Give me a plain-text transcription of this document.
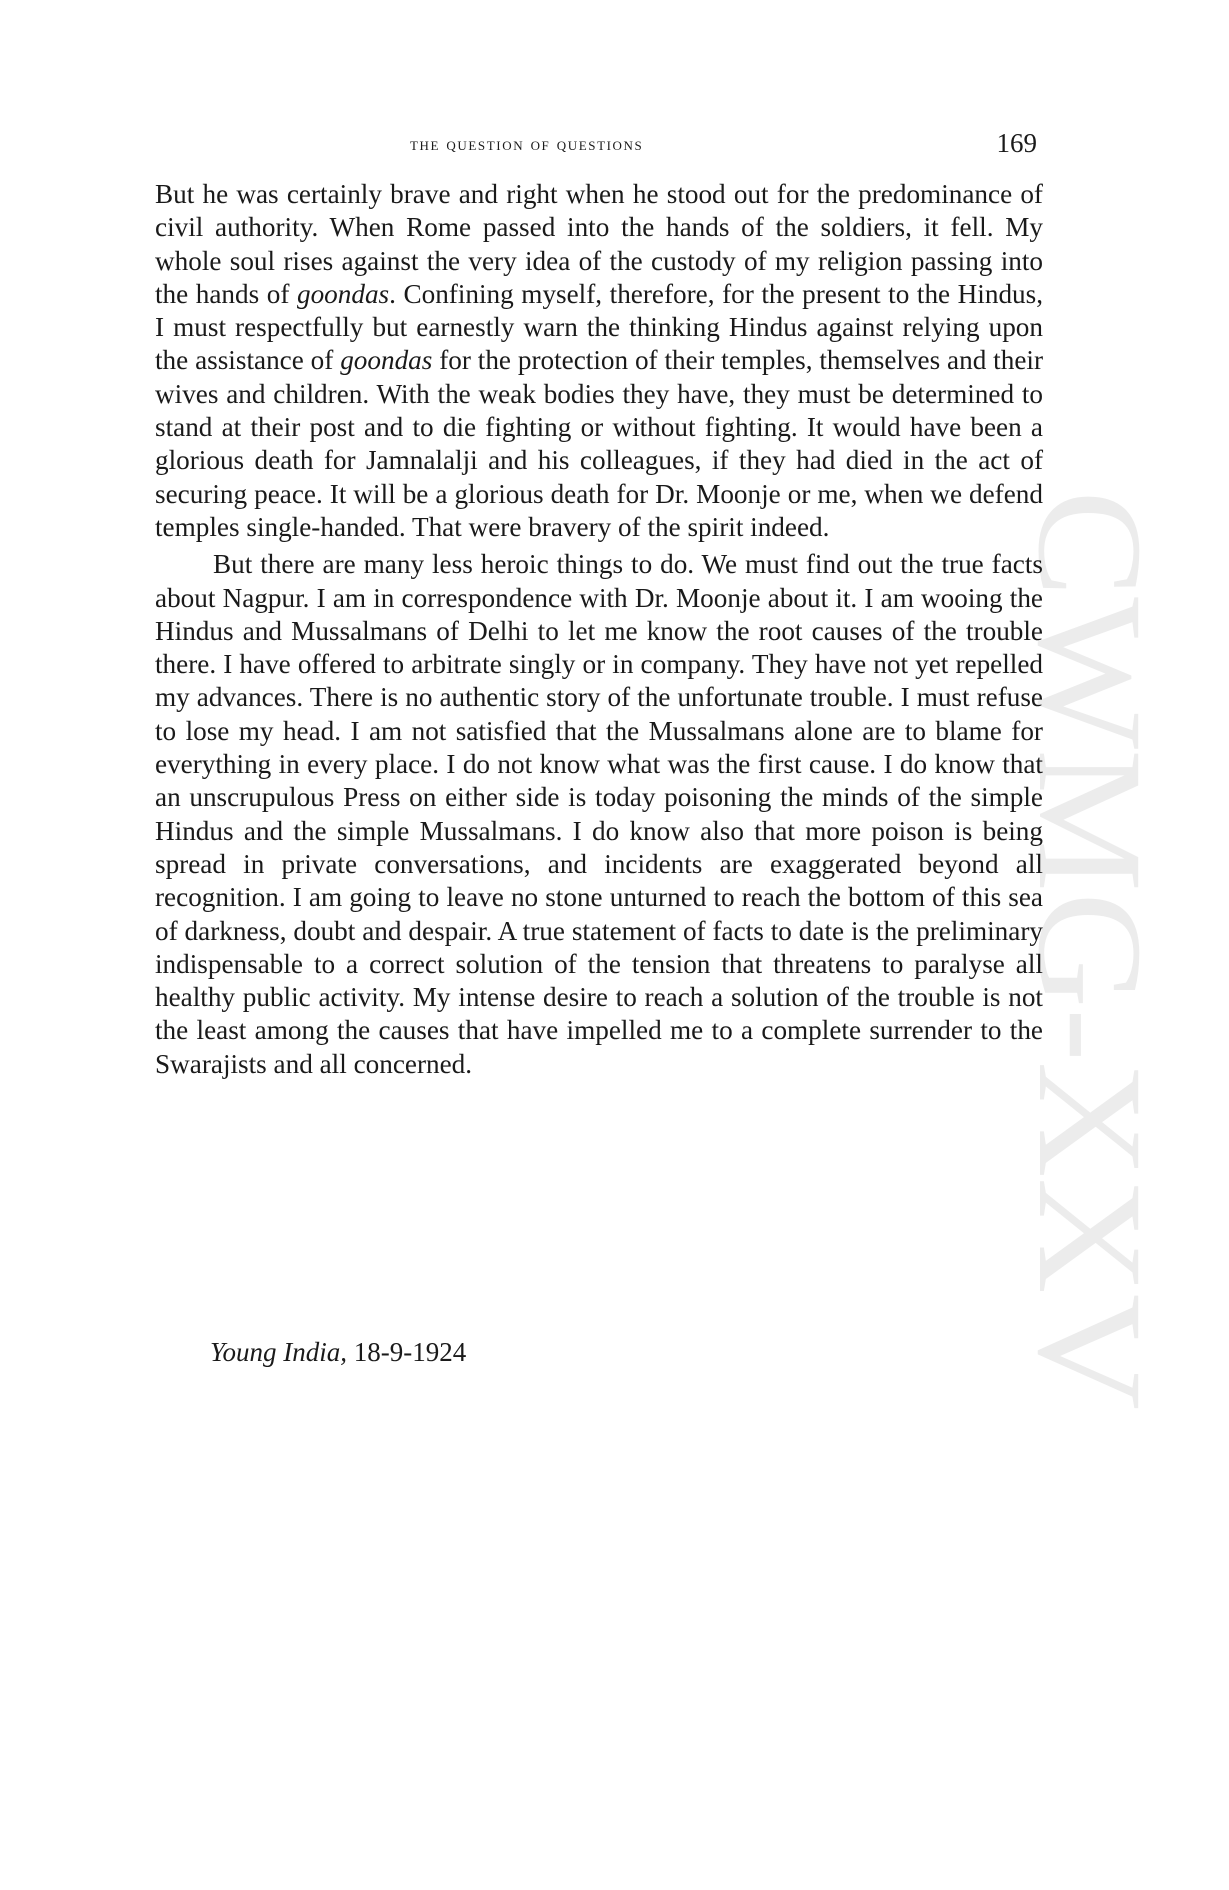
CWMG-XXV
the question of questions	169

But he was certainly brave and right when he stood out for the predominance of civil authority. When Rome passed into the hands of the soldiers, it fell. My whole soul rises against the very idea of the custody of my religion passing into the hands of goondas. Confining myself, therefore, for the present to the Hindus, I must respectfully but earnestly warn the thinking Hindus against relying upon the assistance of goondas for the protection of their temples, themselves and their wives and children. With the weak bodies they have, they must be determined to stand at their post and to die fighting or without fighting. It would have been a glorious death for Jamnalalji and his colleagues, if they had died in the act of securing peace. It will be a glorious death for Dr. Moonje or me, when we defend temples single-handed. That were bravery of the spirit indeed.

But there are many less heroic things to do. We must find out the true facts about Nagpur. I am in correspondence with Dr. Moonje about it. I am wooing the Hindus and Mussalmans of Delhi to let me know the root causes of the trouble there. I have offered to arbitrate singly or in company. They have not yet repelled my advances. There is no authentic story of the unfortunate trouble. I must refuse to lose my head. I am not satisfied that the Mussalmans alone are to blame for everything in every place. I do not know what was the first cause. I do know that an unscrupulous Press on either side is today poisoning the minds of the simple Hindus and the simple Mussalmans. I do know also that more poison is being spread in private conversations, and incidents are exaggerated beyond all recognition. I am going to leave no stone unturned to reach the bottom of this sea of darkness, doubt and despair. A true statement of facts to date is the preliminary indispensable to a correct solution of the tension that threatens to paralyse all healthy public activity. My intense desire to reach a solution of the trouble is not the least among the causes that have impelled me to a complete surrender to the Swarajists and all concerned.

Young India, 18-9-1924
